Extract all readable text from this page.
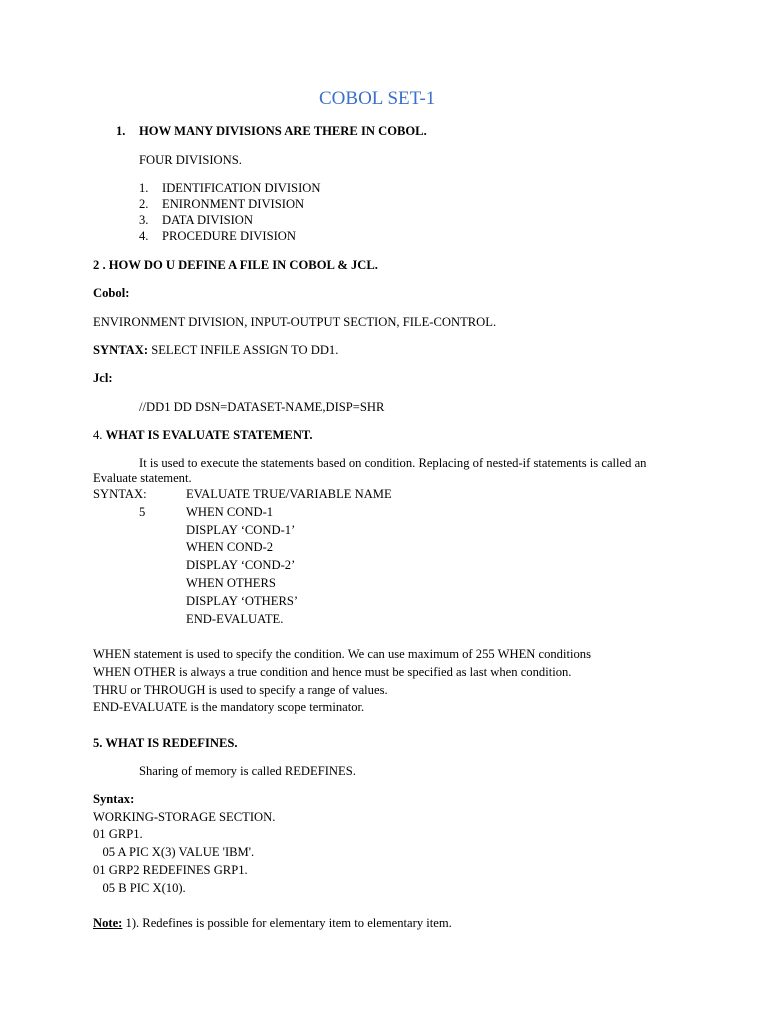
COBOL SET-1
1. HOW MANY DIVISIONS ARE THERE IN COBOL.
FOUR DIVISIONS.
1. IDENTIFICATION DIVISION
2. ENIRONMENT DIVISION
3. DATA DIVISION
4. PROCEDURE DIVISION
2 . HOW DO U DEFINE A FILE IN COBOL & JCL.
Cobol:
ENVIRONMENT DIVISION, INPUT-OUTPUT SECTION, FILE-CONTROL.
SYNTAX: SELECT INFILE ASSIGN TO DD1.
Jcl:
//DD1 DD DSN=DATASET-NAME,DISP=SHR
4. WHAT IS EVALUATE STATEMENT.
It is used to execute the statements based on condition. Replacing of nested-if statements is called an Evaluate statement.
SYNTAX:
5
EVALUATE TRUE/VARIABLE NAME
WHEN COND-1
DISPLAY ‘COND-1’
WHEN COND-2
DISPLAY ‘COND-2’
WHEN OTHERS
DISPLAY ‘OTHERS’
END-EVALUATE.
WHEN statement is used to specify the condition. We can use maximum of 255 WHEN conditions
WHEN OTHER is always a true condition and hence must be specified as last when condition.
THRU or THROUGH is used to specify a range of values.
END-EVALUATE is the mandatory scope terminator.
5. WHAT IS REDEFINES.
Sharing of memory is called REDEFINES.
Syntax:
WORKING-STORAGE SECTION.
01 GRP1.
05 A PIC X(3) VALUE 'IBM'.
01 GRP2 REDEFINES GRP1.
05 B PIC X(10).
Note: 1). Redefines is possible for elementary item to elementary item.
